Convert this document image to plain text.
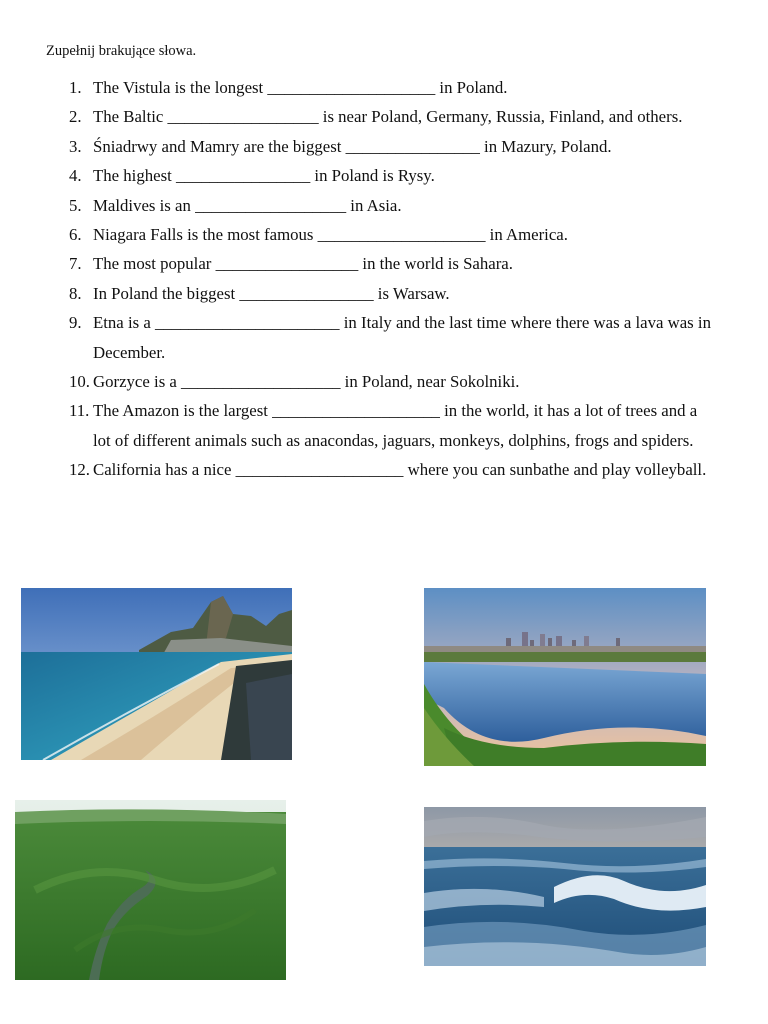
Zupełnij brakujące słowa.

1. The Vistula is the longest ____________________ in Poland.
2. The Baltic __________________ is near Poland, Germany, Russia, Finland, and others.
3. Śniadrwy and Mamry are the biggest ________________ in Mazury, Poland.
4. The highest ________________ in Poland is Rysy.
5. Maldives is an __________________ in Asia.
6. Niagara Falls is the most famous ____________________ in America.
7. The most popular _________________ in the world is Sahara.
8. In Poland the biggest ________________ is Warsaw.
9. Etna is a ______________________ in Italy and the last time where there was a lava was in December.
10. Gorzyce is a ___________________ in Poland, near Sokolniki.
11. The Amazon is the largest ____________________ in the world, it has a lot of trees and a lot of different animals such as anacondas, jaguars, monkeys, dolphins, frogs and spiders.
12. California has a nice ____________________ where you can sunbathe and play volleyball.
